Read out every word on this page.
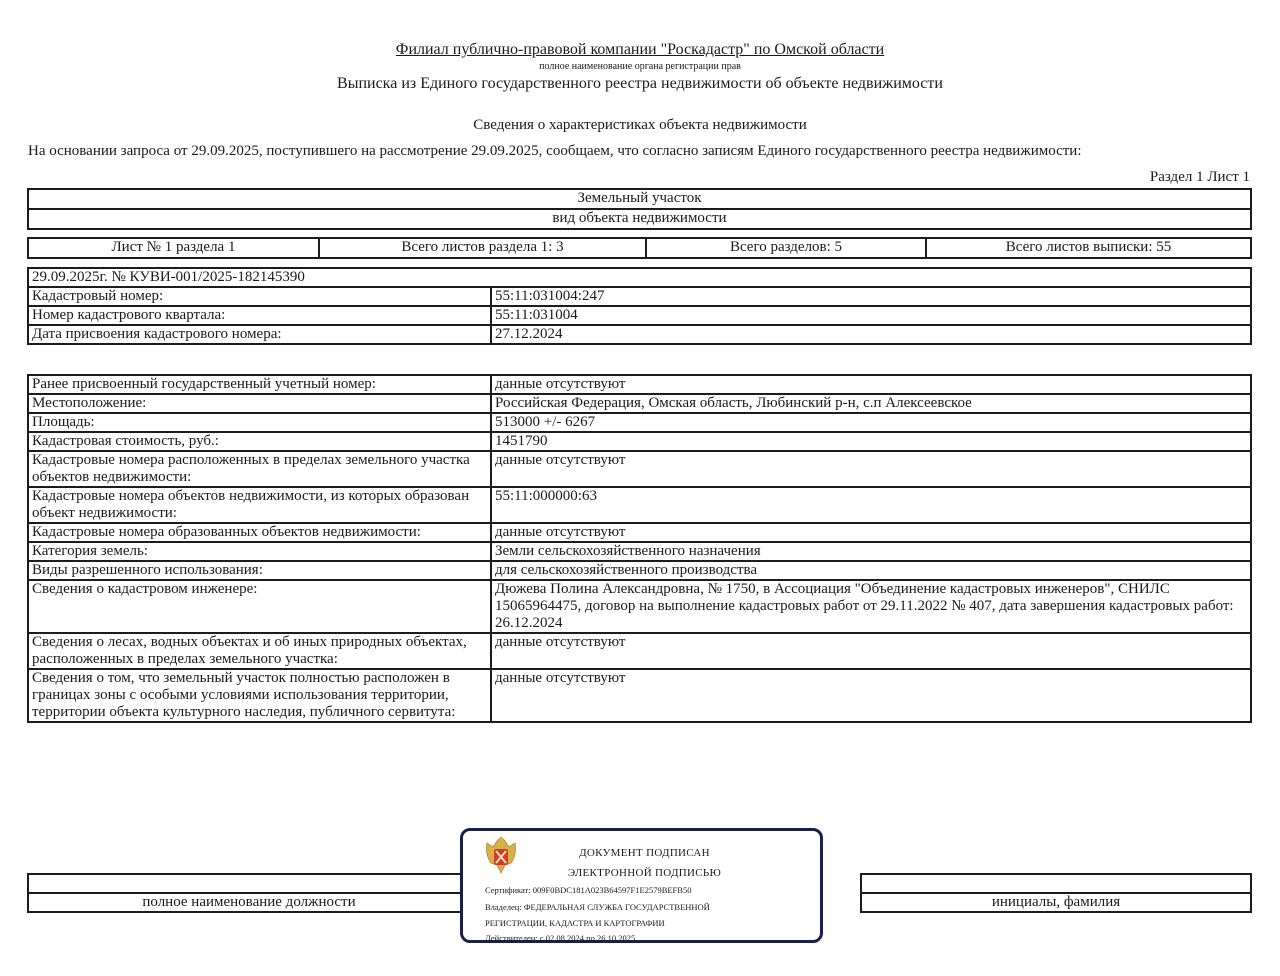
Филиал публично-правовой компании "Роскадастр" по Омской области
полное наименование органа регистрации прав
Выписка из Единого государственного реестра недвижимости об объекте недвижимости
Сведения о характеристиках объекта недвижимости
На основании запроса от 29.09.2025, поступившего на рассмотрение 29.09.2025, сообщаем, что согласно записям Единого государственного реестра недвижимости:
Раздел 1 Лист 1
Земельный участок
вид объекта недвижимости
Лист № 1 раздела 1	Всего листов раздела 1: 3	Всего разделов: 5	Всего листов выписки: 55
29.09.2025г. № КУВИ-001/2025-182145390	
Кадастровый номер:	55:11:031004:247
Номер кадастрового квартала:	55:11:031004
Дата присвоения кадастрового номера:	27.12.2024
Ранее присвоенный государственный учетный номер:	данные отсутствуют
Местоположение:	Российская Федерация, Омская область, Любинский р-н, с.п Алексеевское
Площадь:	513000 +/- 6267
Кадастровая стоимость, руб.:	1451790
Кадастровые номера расположенных в пределах земельного участка объектов недвижимости:	данные отсутствуют
Кадастровые номера объектов недвижимости, из которых образован объект недвижимости:	55:11:000000:63
Кадастровые номера образованных объектов недвижимости:	данные отсутствуют
Категория земель:	Земли сельскохозяйственного назначения
Виды разрешенного использования:	для сельскохозяйственного производства
Сведения о кадастровом инженере:	Дюжева Полина Александровна, № 1750, в Ассоциация "Объединение кадастровых инженеров", СНИЛС 15065964475, договор на выполнение кадастровых работ от 29.11.2022 № 407, дата завершения кадастровых работ: 26.12.2024
Сведения о лесах, водных объектах и об иных природных объектах, расположенных в пределах земельного участка:	данные отсутствуют
Сведения о том, что земельный участок полностью расположен в границах зоны с особыми условиями использования территории, территории объекта культурного наследия, публичного сервитута:	данные отсутствуют

полное наименование должности		инициалы, фамилия
ДОКУМЕНТ ПОДПИСАН
ЭЛЕКТРОННОЙ ПОДПИСЬЮ
Сертификат: 009F0BDC181A023B64597F1E2579BEFB50
Владелец: ФЕДЕРАЛЬНАЯ СЛУЖБА ГОСУДАРСТВЕННОЙ
РЕГИСТРАЦИИ, КАДАСТРА И КАРТОГРАФИИ
Действителен: с 02.08.2024 по 26.10.2025
